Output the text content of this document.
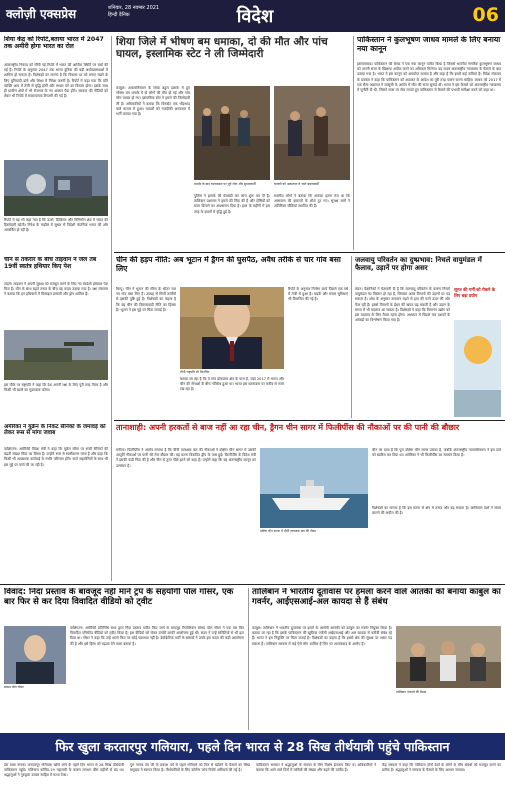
क्लोज़ी एक्सप्रेस	शनिवार, 28 नवम्बर 2021
हिन्दी दैनिक	विदेश	06
शिया केंद्र को रिपोर्ट,बताया भारत में 2047 तक अमीरी होगा भारत का रोल
अंतरराष्ट्रीय निकाय को सौंपी गई रिपोर्ट में भारत की आर्थिक स्थिति पर चर्चा की गई है। रिपोर्ट के अनुसार 2047 तक भारत दुनिया की बड़ी अर्थव्यवस्थाओं में शामिल हो सकता है। विशेषज्ञों का मानना है कि विकास दर को बनाए रखने के लिए बुनियादी ढांचे और शिक्षा में निवेश जरूरी है। रिपोर्ट में कहा गया कि प्रति व्यक्ति आय में तेजी से वृद्धि होगी और मध्यम वर्ग का विस्तार होगा। इसके साथ ही ग्रामीण क्षेत्रों में भी रोजगार के नए अवसर पैदा होंगे। सरकार की नीतियों को लेकर भी रिपोर्ट में सकारात्मक टिप्पणी की गई है।
रिपोर्ट में यह भी कहा गया है कि ऊर्जा, डिजिटल और विनिर्माण क्षेत्र में भारत की हिस्सेदारी बढ़ेगी। निवेश के माहौल में सुधार से विदेशी कंपनियां भारत की ओर आकर्षित हो रही हैं।
चीन से तकरार के बीच ताइवान ने जल तब 19वीं स्वतंत्र हथियार किए पेश
ताइपे। ताइवान ने अपनी सुरक्षा को मजबूत करने के लिए नए स्वदेशी हथियार पेश किए हैं। चीन के साथ बढ़ते तनाव के बीच यह कदम उठाया गया है। रक्षा मंत्रालय ने बताया कि इन हथियारों में मिसाइल प्रणाली और ड्रोन शामिल हैं।
इस मौके पर राष्ट्रपति ने कहा कि देश अपनी रक्षा के लिए पूरी तरह तैयार है और किसी भी खतरे का मुकाबला करेगा।
अमेरिका ने यूक्रेन के निकट सैनिकों के जमावड़े को लेकर रूस से मांगा जवाब
वाशिंगटन। अमेरिकी विदेश मंत्री ने कहा कि यूक्रेन सीमा पर रूसी सैनिकों की बढ़ती संख्या चिंता का विषय है। उन्होंने रूस से स्पष्टीकरण मांगा है और कहा कि किसी भी आक्रामक कार्रवाई के गंभीर परिणाम होंगे। नाटो सहयोगियों के साथ भी इस मुद्दे पर चर्चा की जा रही है।
शिया जिले में भीषण बम धमाका, दो की मौत और पांच घायल, इस्लामिक स्टेट ने ली जिम्मेदारी
काबुल। अफगानिस्तान के शिया बहुल इलाके में हुए भीषण बम धमाके में दो लोगों की मौत हो गई और पांच लोग घायल हो गए। इस्लामिक स्टेट ने हमले की जिम्मेदारी ली है। अधिकारियों ने बताया कि विस्फोट एक भीड़भाड़ वाले बाजार में हुआ। घायलों को नजदीकी अस्पताल में भर्ती कराया गया है।
धमाके के बाद घटनास्थल पर जुटे लोग और सुरक्षाकर्मी	घायलों को अस्पताल ले जाते बचावकर्मी
पुलिस ने इलाके की घेराबंदी कर जांच शुरू कर दी है। तालिबान प्रशासन ने हमले की निंदा की है और दोषियों को सजा दिलाने का आश्वासन दिया है। हाल के महीनों में इस तरह के हमलों में वृद्धि हुई है।
स्थानीय लोगों ने बताया कि धमाका इतना तेज था कि आसपास की इमारतों के शीशे टूट गए। सुरक्षा बलों ने अतिरिक्त चौकियां स्थापित की हैं।
पाकिस्तान ने कुलभूषण जाधव मामले के लिए बनाया नया कानून
इस्लामाबाद। पाकिस्तान की संसद ने एक नया कानून पारित किया है जिससे भारतीय नागरिक कुलभूषण जाधव को अपनी सजा के खिलाफ अपील करने का अधिकार मिलेगा। यह कदम अंतरराष्ट्रीय न्यायालय के फैसले के बाद उठाया गया है। भारत ने इस कानून को अपर्याप्त बताया है और कहा है कि इसमें कई कमियां हैं। विदेश मंत्रालय के प्रवक्ता ने कहा कि पाकिस्तान को अदालत के आदेश का पूरी तरह पालन करना चाहिए। जाधव को 2017 में एक सैन्य अदालत ने जासूसी के आरोप में मौत की सजा सुनाई थी। भारत ने इस फैसले को अंतरराष्ट्रीय न्यायालय में चुनौती दी थी, जिसने सजा पर रोक लगाते हुए पाकिस्तान से फैसले की प्रभावी समीक्षा करने को कहा था।
चीन की हड़प नीति: अब भूटान में ड्रैगन की घुसपैठ, अवैध तरीके से चार गांव बसा लिए
थिम्पू। चीन ने भूटान की सीमा के भीतर चार नए गांव बसा लिए हैं। उपग्रह से मिली तस्वीरों से इसकी पुष्टि हुई है। विशेषज्ञों का कहना है कि यह चीन की विस्तारवादी नीति का हिस्सा है। भूटान ने इस मुद्दे पर चिंता जताई है।
चीनी राष्ट्रपति शी जिनपिंग
बताया जा रहा है कि ये गांव डोकलाम क्षेत्र के पास हैं, जहां 2017 में भारत और चीन की सेनाओं के बीच गतिरोध हुआ था। भारत इस घटनाक्रम पर करीब से नजर रख रहा है।
रिपोर्ट के अनुसार निर्माण कार्य पिछले एक वर्ष में तेजी से हुआ है। सड़कें और संचार सुविधाएं भी विकसित की गई हैं।
जलवायु परिवर्तन का दुष्प्रभाव: निचले वायुमंडल में फैलाव, उड़ानें पर होगा असर
लंदन। वैज्ञानिकों ने चेतावनी दी है कि जलवायु परिवर्तन के कारण निचले वायुमंडल का विस्तार हो रहा है, जिसका असर विमानों की उड़ानों पर पड़ सकता है। शोध के अनुसार तापमान बढ़ने से हवा की परतें ऊपर की ओर फैल रही हैं। इससे विमानों के ईंधन की खपत बढ़ सकती है और उड़ान के समय में भी बदलाव आ सकता है। विशेषज्ञों ने कहा कि विमानन उद्योग को इस बदलाव के लिए तैयार रहना होगा। अध्ययन में पिछले चार दशकों के आंकड़ों का विश्लेषण किया गया है।
सूरज की गर्मी को रोकने के लिए बड़ा प्रयोग
तानाशाही: अपनी हरकतों से बाज नहीं आ रहा चीन, ड्रैगन चीन सागर में फिलीपींस की नौकाओं पर की पानी की बौछार
मनीला। फिलीपींस ने आरोप लगाया है कि चीनी तटरक्षक बल की नौकाओं ने दक्षिण चीन सागर में उसकी आपूर्ति नौकाओं पर पानी की तेज बौछार की। यह घटना विवादित द्वीप के पास हुई। फिलीपींस के विदेश मंत्री ने इसकी कड़ी निंदा की है और चीन से तुरंत पीछे हटने को कहा है। उन्होंने कहा कि यह अंतरराष्ट्रीय कानून का उल्लंघन है।
दक्षिण चीन सागर में चीनी तटरक्षक बल की नौका
चीन का दावा है कि पूरा दक्षिण चीन सागर उसका है, जबकि अंतरराष्ट्रीय न्यायाधिकरण ने इस दावे को खारिज कर दिया था। अमेरिका ने भी फिलीपींस का समर्थन किया है।
विशेषज्ञों का मानना है कि इस घटना से क्षेत्र में तनाव और बढ़ सकता है। आसियान देशों ने संयम बरतने की अपील की है।
विवाद: निंदा प्रस्ताव के बावजूद नहीं माने ट्रंप के सहयोगी पॉल गोसर, एक बार फिर से कर दिया विवादित वीडियो को ट्वीट
सांसद पॉल गोसर
वाशिंगटन। अमेरिकी प्रतिनिधि सभा द्वारा निंदा प्रस्ताव पारित किए जाने के बावजूद रिपब्लिकन सांसद पॉल गोसर ने एक बार फिर विवादित एनिमेटेड वीडियो को ट्वीट किया है। इस वीडियो को लेकर उनकी काफी आलोचना हुई थी। सदन ने उन्हें समितियों से भी हटा दिया था। गोसर ने कहा कि उन्हें अपने किए पर कोई पछतावा नहीं है। डेमोक्रेटिक पार्टी के सांसदों ने उनके इस कदम की कड़ी आलोचना की है और इसे हिंसा को बढ़ावा देने वाला बताया है।
तालिबान ने भारतीय दूतावास पर हमला करने वाले आतंकी को बनाया काबुल का गवर्नर, आईएसआई-अल कायदा से हैं संबंध
काबुल। तालिबान ने भारतीय दूतावास पर हमले के आरोपी आतंकी को काबुल का गवर्नर नियुक्त किया है। बताया जा रहा है कि इसके पाकिस्तान की खुफिया एजेंसी आईएसआई और अल कायदा से करीबी संबंध रहे हैं। भारत ने इस नियुक्ति पर चिंता जताई है। विशेषज्ञों का कहना है कि इससे क्षेत्र की सुरक्षा पर असर पड़ सकता है। तालिबान सरकार में कई ऐसे लोग शामिल हैं जिन पर आतंकवाद के आरोप हैं।
तालिबान नेताओं की बैठक
फिर खुला करतारपुर गलियारा, पहले दिन भारत से 28 सिख तीर्थयात्री पहुंचे पाकिस्तान
डेरा बाबा नानक। करतारपुर गलियारा खोले जाने के पहले दिन भारत से 28 सिख तीर्थयात्री पाकिस्तान पहुंचे। गलियारा कोविड-19 महामारी के कारण लगभग बीस महीनों से बंद था। श्रद्धालुओं ने गुरुद्वारा दरबार साहिब में मत्था टेका।
गुरु नानक देव जी के प्रकाश पर्व से पहले गलियारे को फिर से खोलने के फैसले का सिख समुदाय ने स्वागत किया है। तीर्थयात्रियों के लिए कोरोना जांच रिपोर्ट अनिवार्य की गई है।
पाकिस्तान सरकार ने श्रद्धालुओं के स्वागत के लिए विशेष इंतजाम किए थे। अधिकारियों ने बताया कि आने वाले दिनों में यात्रियों की संख्या और बढ़ने की उम्मीद है।
केंद्र सरकार ने कहा कि गलियारा दोनों देशों के लोगों के बीच संबंधों को मजबूत करने का प्रतीक है। श्रद्धालुओं ने सरकार के फैसले के लिए आभार जताया।
